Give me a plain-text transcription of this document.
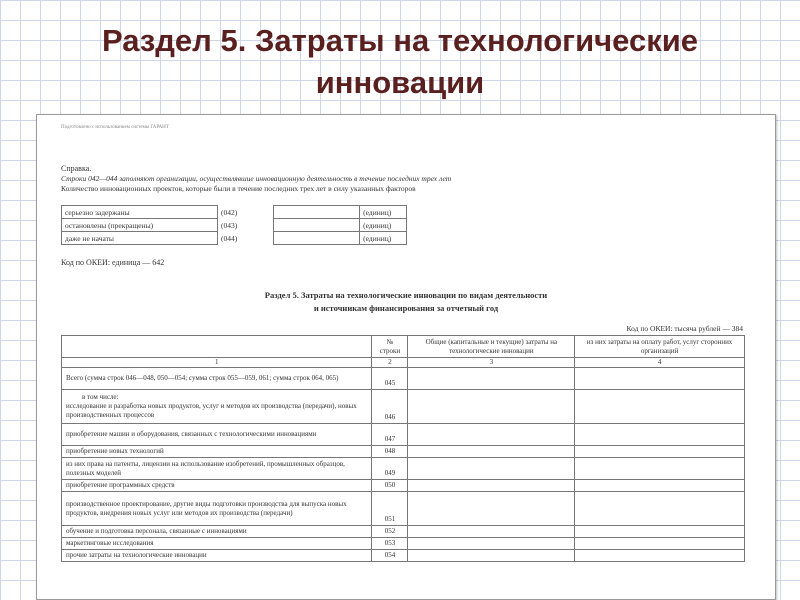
Раздел 5. Затраты на технологические
инновации
Подготовлено с использованием системы ГАРАНТ
Справка.
Строки 042—044 заполняют организации, осуществлявшие инновационную деятельность в течение последних трех лет
Количество инновационных проектов, которые были в течение последних трех лет в силу указанных факторов
серьезно задержаны	(042)		(единиц)
остановлены (прекращены)	(043)		(единиц)
даже не начаты	(044)		(единиц)
Код по ОКЕИ: единица — 642
Раздел 5. Затраты на технологические инновации по видам деятельности
и источникам финансирования за отчетный год
Код по ОКЕИ: тысяча рублей — 384
	№ строки	Общие (капитальные и текущие) затраты на технологические инновации	из них затраты на оплату работ, услуг сторонних организаций
1	2	3	4
Всего (сумма строк 046—048, 050—054; сумма строк 055—059, 061; сумма строк 064, 065)	045		

в том числе:
исследование и разработка новых продуктов, услуг и методов их производства (передачи), новых производственных процессов	046		
приобретение машин и оборудования, связанных с технологическими инновациями	047		
приобретение новых технологий	048		
из них права на патенты, лицензии на использование изобретений, промышленных образцов, полезных моделей	049		
приобретение программных средств	050		
производственное проектирование, другие виды подготовки производства для выпуска новых продуктов, внедрения новых услуг или методов их производства (передачи)	051		
обучение и подготовка персонала, связанные с инновациями	052		
маркетинговые исследования	053		
прочие затраты на технологические инновации	054		
